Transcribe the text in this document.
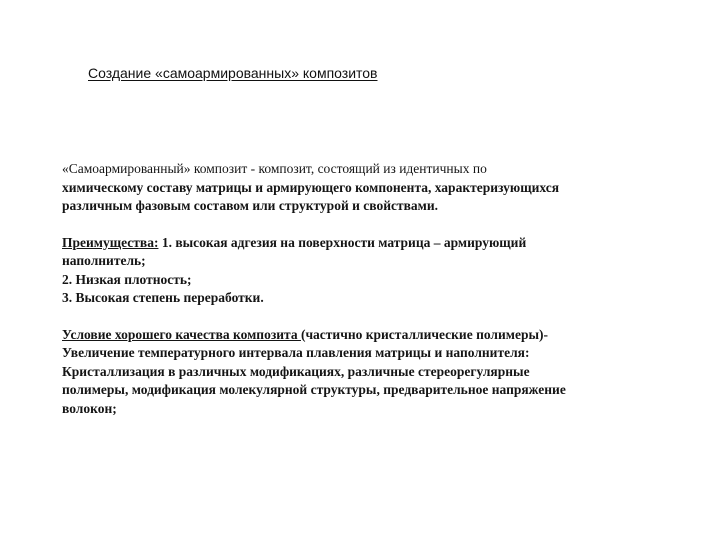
Создание «самоармированных» композитов

«Самоармированный» композит - композит, состоящий из идентичных по
химическому составу матрицы и армирующего компонента, характеризующихся
различным фазовым составом или структурой и свойствами.

Преимущества: 1. высокая адгезия на поверхности матрица – армирующий
наполнитель;
2. Низкая плотность;
3. Высокая степень переработки.

Условие хорошего качества композита (частично кристаллические полимеры)-
Увеличение температурного интервала плавления матрицы и наполнителя:
Кристаллизация в различных модификациях, различные стереорегулярные
полимеры, модификация молекулярной структуры, предварительное напряжение
волокон;
